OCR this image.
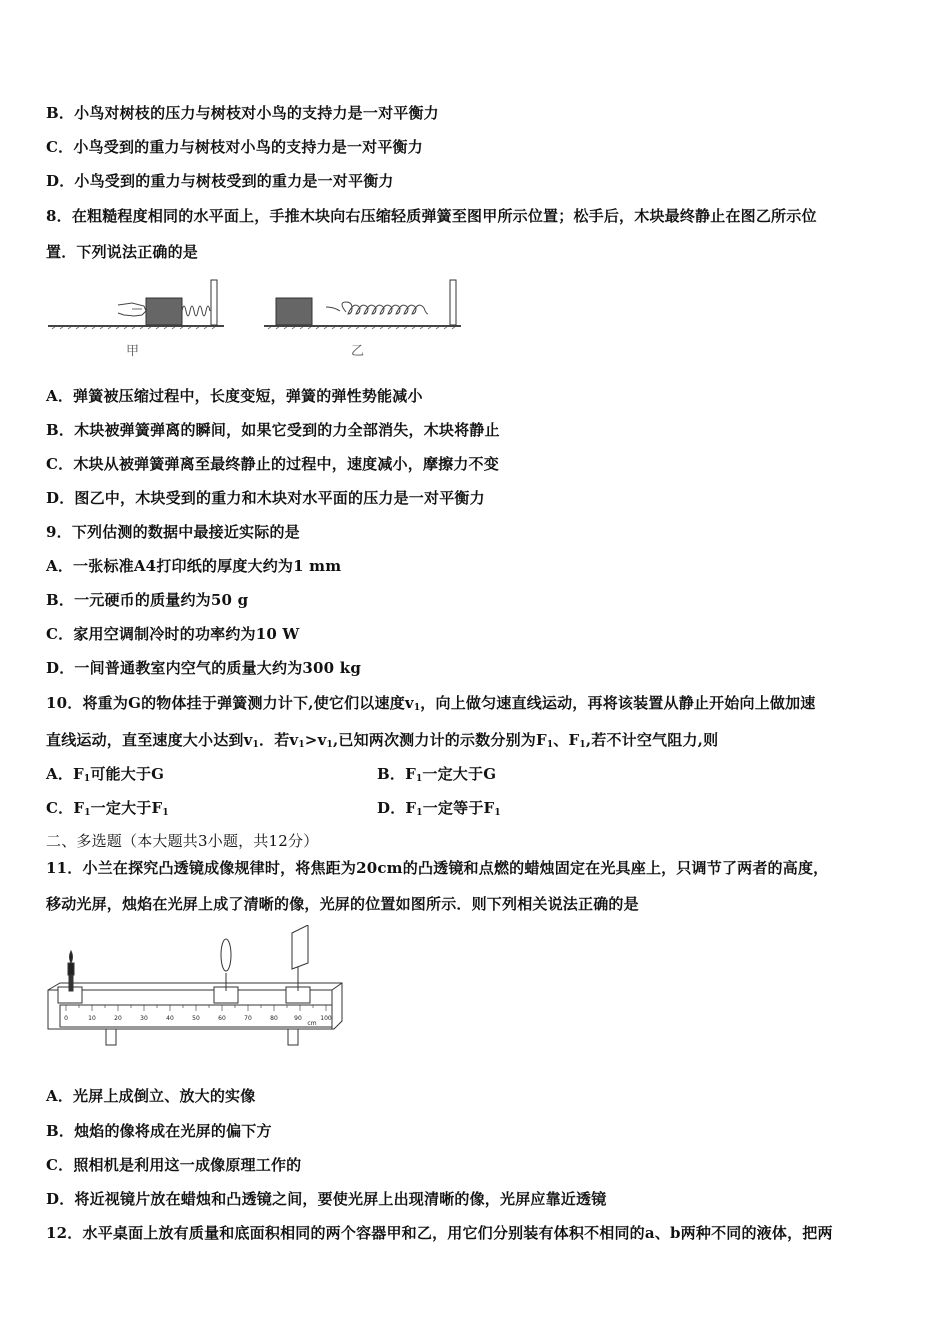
B．小鸟对树枝的压力与树枝对小鸟的支持力是一对平衡力
C．小鸟受到的重力与树枝对小鸟的支持力是一对平衡力
D．小鸟受到的重力与树枝受到的重力是一对平衡力
8．在粗糙程度相同的水平面上，手推木块向右压缩轻质弹簧至图甲所示位置；松手后，木块最终静止在图乙所示位
置．下列说法正确的是
甲	乙
A．弹簧被压缩过程中，长度变短，弹簧的弹性势能减小
B．木块被弹簧弹离的瞬间，如果它受到的力全部消失，木块将静止
C．木块从被弹簧弹离至最终静止的过程中，速度减小，摩擦力不变
D．图乙中，木块受到的重力和木块对水平面的压力是一对平衡力
9．下列估测的数据中最接近实际的是
A．一张标准A4打印纸的厚度大约为1 mm
B．一元硬币的质量约为50 g
C．家用空调制冷时的功率约为10 W
D．一间普通教室内空气的质量大约为300 kg
10．将重为G的物体挂于弹簧测力计下,使它们以速度$v_1$，向上做匀速直线运动，再将该装置从静止开始向上做加速
直线运动，直至速度大小达到$v_1$．若$v_1>v_1$,已知两次测力计的示数分别为$F_1$、$F_1$,若不计空气阻力,则
A．$F_1$可能大于G	B．$F_1$一定大于G
C．$F_1$一定大于$F_1$	D．$F_1$一定等于$F_1$
二、多选题（本大题共3小题，共12分）
11．小兰在探究凸透镜成像规律时，将焦距为20cm的凸透镜和点燃的蜡烛固定在光具座上，只调节了两者的高度，
移动光屏，烛焰在光屏上成了清晰的像，光屏的位置如图所示．则下列相关说法正确的是
0	10	20	30	40	50	60	70	80	90	100
cm
A．光屏上成倒立、放大的实像
B．烛焰的像将成在光屏的偏下方
C．照相机是利用这一成像原理工作的
D．将近视镜片放在蜡烛和凸透镜之间，要使光屏上出现清晰的像，光屏应靠近透镜
12．水平桌面上放有质量和底面积相同的两个容器甲和乙，用它们分别装有体积不相同的a、b两种不同的液体，把两
